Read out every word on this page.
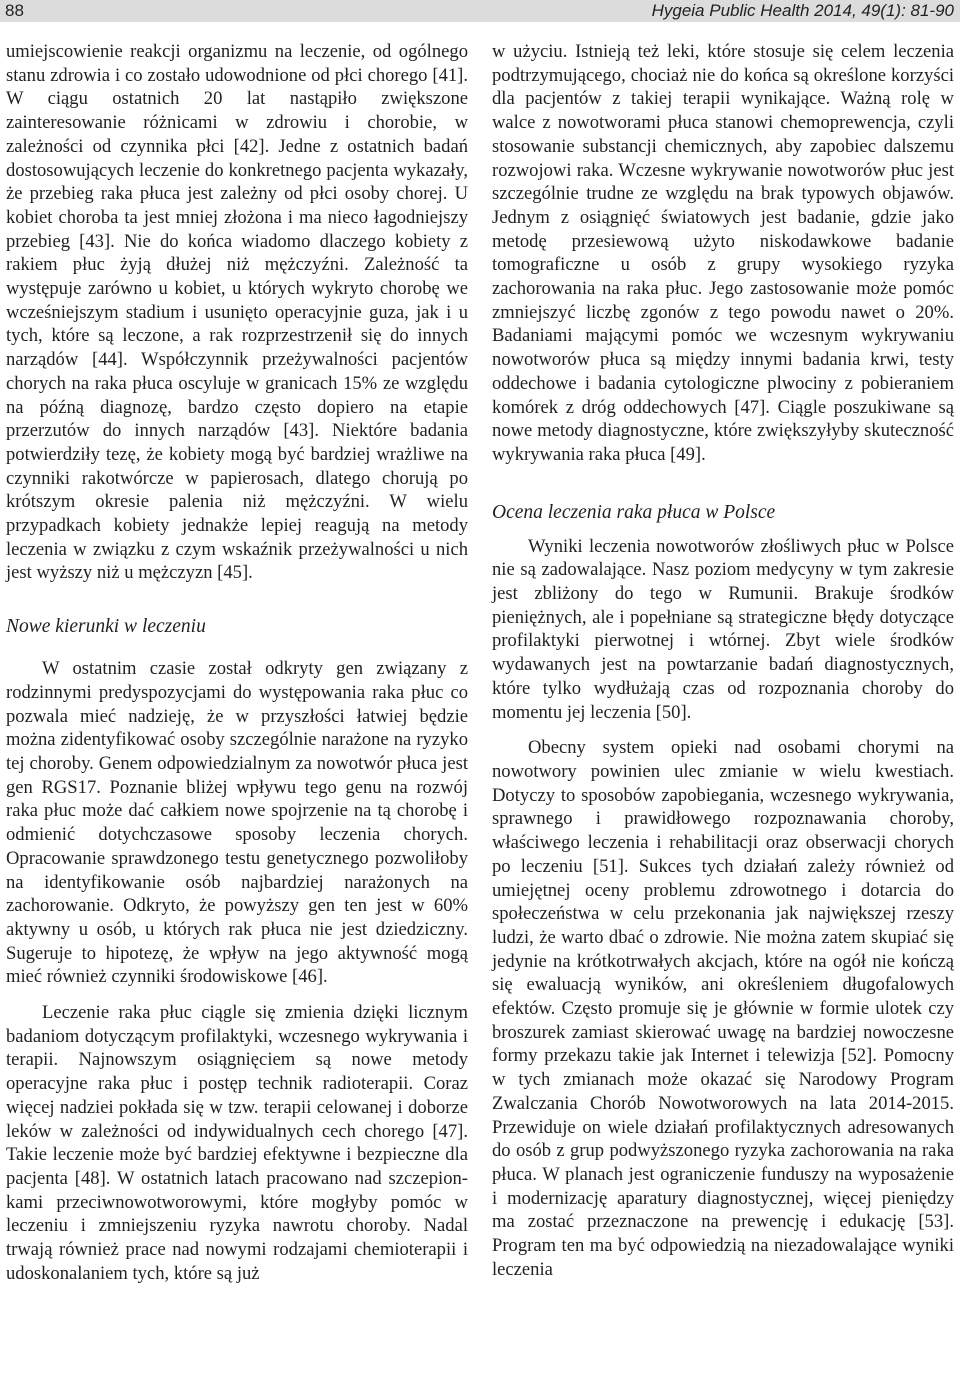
88	Hygeia Public Health 2014, 49(1): 81-90

umiejscowienie reakcji organizmu na leczenie, od ogólnego stanu zdrowia i co zostało udowodnione od płci chorego [41]. W ciągu ostatnich 20 lat nastąpiło zwiększone zainteresowanie różnicami w zdrowiu i chorobie, w zależności od czynnika płci [42]. Jedne z ostatnich badań dostosowujących leczenie do konkretnego pacjenta wykazały, że przebieg raka płuca jest zależny od płci osoby chorej. U kobiet choroba ta jest mniej złożona i ma nieco łagodniejszy przebieg [43]. Nie do końca wiadomo dlaczego kobiety z rakiem płuc żyją dłużej niż mężczyźni. Zależność ta występuje zarówno u kobiet, u których wykryto chorobę we wcześniejszym stadium i usunięto operacyjnie guza, jak i u tych, które są leczone, a rak rozprzestrzenił się do innych narządów [44]. Współczynnik przeżywalności pacjentów chorych na raka płuca oscyluje w granicach 15% ze względu na późną diagnozę, bardzo często dopiero na etapie przerzutów do innych narządów [43]. Niektóre badania potwierdziły tezę, że kobiety mogą być bardziej wrażliwe na czynniki rakotwórcze w papierosach, dlatego chorują po krótszym okresie palenia niż mężczyźni. W wielu przypadkach kobiety jednakże lepiej reagują na metody leczenia w związku z czym wskaźnik przeżywalności u nich jest wyższy niż u mężczyzn [45].

Nowe kierunki w leczeniu

W ostatnim czasie został odkryty gen związany z rodzinnymi predyspozycjami do występowania raka płuc co pozwala mieć nadzieję, że w przyszłości łatwiej będzie można zidentyfikować osoby szczególnie narażone na ryzyko tej choroby. Genem odpowiedzialnym za nowotwór płuca jest gen RGS17. Poznanie bliżej wpływu tego genu na rozwój raka płuc może dać całkiem nowe spojrzenie na tą chorobę i odmienić dotychczasowe sposoby leczenia chorych. Opracowanie sprawdzonego testu genetycznego pozwoliłoby na identyfikowanie osób najbardziej narażonych na zachorowanie. Odkryto, że powyższy gen ten jest w 60% aktywny u osób, u których rak płuca nie jest dziedziczny. Sugeruje to hipotezę, że wpływ na jego aktywność mogą mieć również czynniki środowiskowe [46].

Leczenie raka płuc ciągle się zmienia dzięki licznym badaniom dotyczącym profilaktyki, wczesnego wykrywania i terapii. Najnowszym osiągnięciem są nowe metody operacyjne raka płuc i postęp technik radioterapii. Coraz więcej nadziei pokłada się w tzw. terapii celowanej i doborze leków w zależności od indywidualnych cech chorego [47]. Takie leczenie może być bardziej efektywne i bezpieczne dla pacjenta [48]. W ostatnich latach pracowano nad szczepionkami przeciwnowotworowymi, które mogłyby pomóc w leczeniu i zmniejszeniu ryzyka nawrotu choroby. Nadal trwają również prace nad nowymi rodzajami chemioterapii i udoskonalaniem tych, które są już

w użyciu. Istnieją też leki, które stosuje się celem leczenia podtrzymującego, chociaż nie do końca są określone korzyści dla pacjentów z takiej terapii wynikające. Ważną rolę w walce z nowotworami płuca stanowi chemoprewencja, czyli stosowanie substancji chemicznych, aby zapobiec dalszemu rozwojowi raka. Wczesne wykrywanie nowotworów płuc jest szczególnie trudne ze względu na brak typowych objawów. Jednym z osiągnięć światowych jest badanie, gdzie jako metodę przesiewową użyto niskodawkowe badanie tomograficzne u osób z grupy wysokiego ryzyka zachorowania na raka płuc. Jego zastosowanie może pomóc zmniejszyć liczbę zgonów z tego powodu nawet o 20%. Badaniami mającymi pomóc we wczesnym wykrywaniu nowotworów płuca są między innymi badania krwi, testy oddechowe i badania cytologiczne plwociny z pobieraniem komórek z dróg oddechowych [47]. Ciągle poszukiwane są nowe metody diagnostyczne, które zwiększyłyby skuteczność wykrywania raka płuca [49].

Ocena leczenia raka płuca w Polsce

Wyniki leczenia nowotworów złośliwych płuc w Polsce nie są zadowalające. Nasz poziom medycyny w tym zakresie jest zbliżony do tego w Rumunii. Brakuje środków pieniężnych, ale i popełniane są strategiczne błędy dotyczące profilaktyki pierwotnej i wtórnej. Zbyt wiele środków wydawanych jest na powtarzanie badań diagnostycznych, które tylko wydłużają czas od rozpoznania choroby do momentu jej leczenia [50].

Obecny system opieki nad osobami chorymi na nowotwory powinien ulec zmianie w wielu kwestiach. Dotyczy to sposobów zapobiegania, wczesnego wykrywania, sprawnego i prawidłowego rozpoznawania choroby, właściwego leczenia i rehabilitacji oraz obserwacji chorych po leczeniu [51]. Sukces tych działań zależy również od umiejętnej oceny problemu zdrowotnego i dotarcia do społeczeństwa w celu przekonania jak największej rzeszy ludzi, że warto dbać o zdrowie. Nie można zatem skupiać się jedynie na krótkotrwałych akcjach, które na ogół nie kończą się ewaluacją wyników, ani określeniem długofalowych efektów. Często promuje się je głównie w formie ulotek czy broszurek zamiast skierować uwagę na bardziej nowoczesne formy przekazu takie jak Internet i telewizja [52]. Pomocny w tych zmianach może okazać się Narodowy Program Zwalczania Chorób Nowotworowych na lata 2014-2015. Przewiduje on wiele działań profilaktycznych adresowanych do osób z grup podwyższonego ryzyka zachorowania na raka płuca. W planach jest ograniczenie funduszy na wyposażenie i modernizację aparatury diagnostycznej, więcej pieniędzy ma zostać przeznaczone na prewencję i edukację [53]. Program ten ma być odpowiedzią na niezadowalające wyniki leczenia
